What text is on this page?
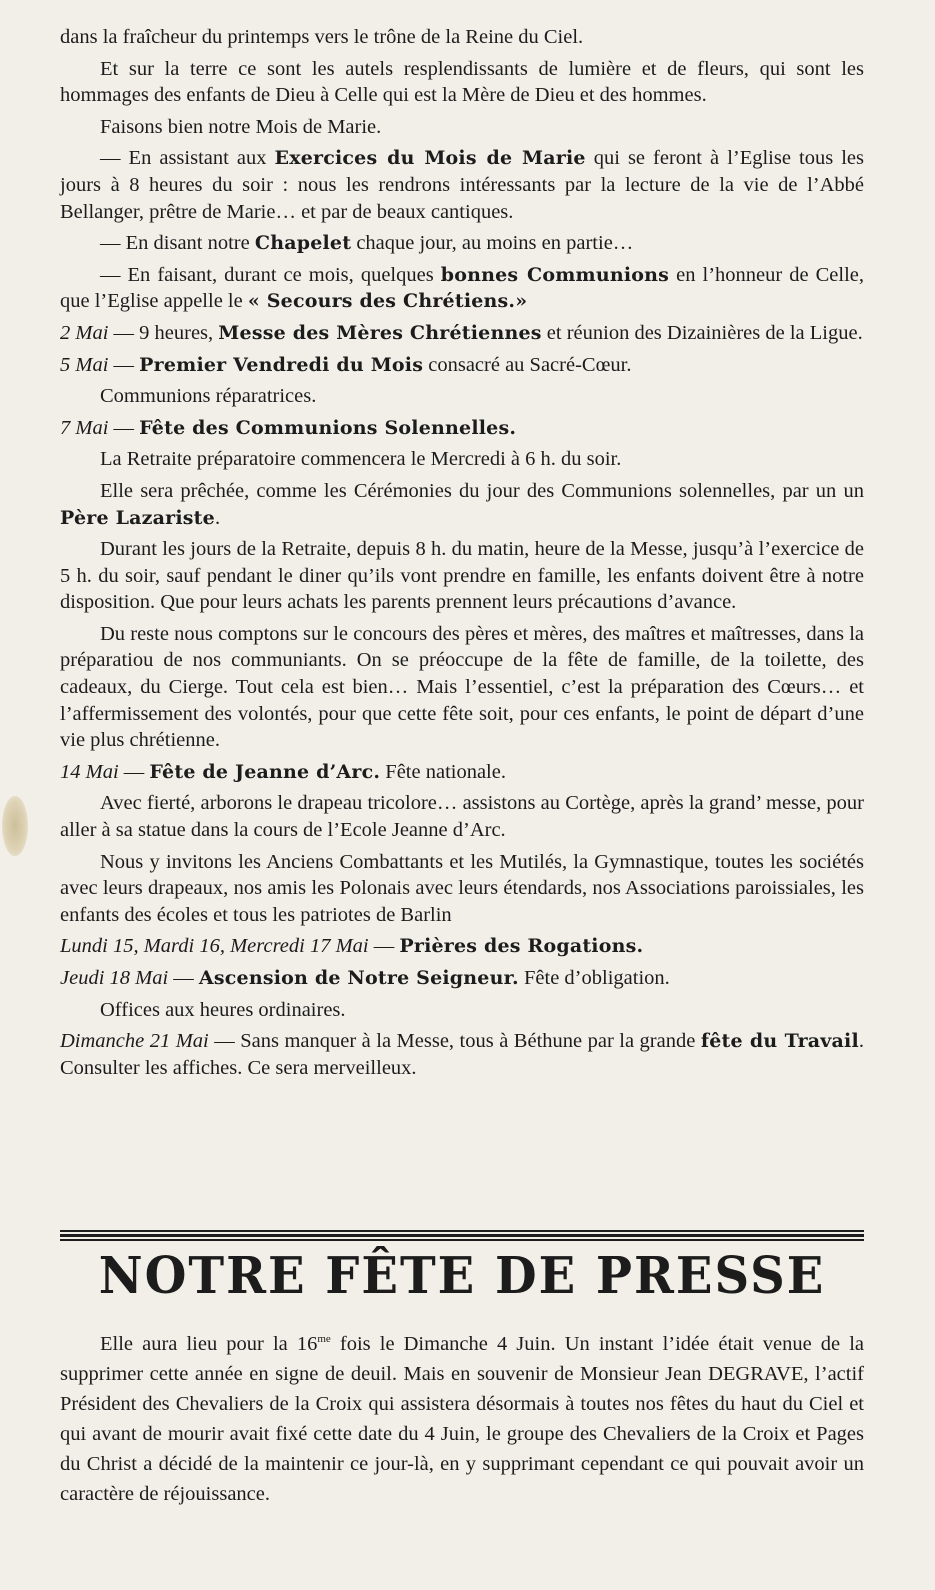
dans la fraîcheur du printemps vers le trône de la Reine du Ciel.

Et sur la terre ce sont les autels resplendissants de lumière et de fleurs, qui sont les hommages des enfants de Dieu à Celle qui est la Mère de Dieu et des hommes.

Faisons bien notre Mois de Marie.

— En assistant aux Exercices du Mois de Marie qui se feront à l’Eglise tous les jours à 8 heures du soir : nous les rendrons intéressants par la lecture de la vie de l’Abbé Bellanger, prêtre de Marie… et par de beaux cantiques.

— En disant notre Chapelet chaque jour, au moins en partie…

— En faisant, durant ce mois, quelques bonnes Communions en l’honneur de Celle, que l’Eglise appelle le « Secours des Chrétiens.»

2 Mai — 9 heures, Messe des Mères Chrétiennes et réunion des Dizainières de la Ligue.

5 Mai — Premier Vendredi du Mois consacré au Sacré-Cœur.

Communions réparatrices.

7 Mai — Fête des Communions Solennelles.

La Retraite préparatoire commencera le Mercredi à 6 h. du soir.

Elle sera prêchée, comme les Cérémonies du jour des Communions solennelles, par un un Père Lazariste.

Durant les jours de la Retraite, depuis 8 h. du matin, heure de la Messe, jusqu’à l’exercice de 5 h. du soir, sauf pendant le diner qu’ils vont prendre en famille, les enfants doivent être à notre disposition. Que pour leurs achats les parents prennent leurs précautions d’avance.

Du reste nous comptons sur le concours des pères et mères, des maîtres et maîtresses, dans la préparatiou de nos communiants. On se préoccupe de la fête de famille, de la toilette, des cadeaux, du Cierge. Tout cela est bien… Mais l’essentiel, c’est la préparation des Cœurs… et l’affermissement des volontés, pour que cette fête soit, pour ces enfants, le point de départ d’une vie plus chrétienne.

14 Mai — Fête de Jeanne d’Arc. Fête nationale.

Avec fierté, arborons le drapeau tricolore… assistons au Cortège, après la grand’ messe, pour aller à sa statue dans la cours de l’Ecole Jeanne d’Arc.

Nous y invitons les Anciens Combattants et les Mutilés, la Gymnastique, toutes les sociétés avec leurs drapeaux, nos amis les Polonais avec leurs étendards, nos Associations paroissiales, les enfants des écoles et tous les patriotes de Barlin

Lundi 15, Mardi 16, Mercredi 17 Mai — Prières des Rogations.

Jeudi 18 Mai — Ascension de Notre Seigneur. Fête d’obligation.

Offices aux heures ordinaires.

Dimanche 21 Mai — Sans manquer à la Messe, tous à Béthune par la grande fête du Travail. Consulter les affiches. Ce sera merveilleux.

NOTRE FÊTE DE PRESSE

Elle aura lieu pour la $16^{me}$ fois le Dimanche 4 Juin. Un instant l’idée était venue de la supprimer cette année en signe de deuil. Mais en souvenir de Monsieur Jean DEGRAVE, l’actif Président des Chevaliers de la Croix qui assistera désormais à toutes nos fêtes du haut du Ciel et qui avant de mourir avait fixé cette date du 4 Juin, le groupe des Chevaliers de la Croix et Pages du Christ a décidé de la maintenir ce jour-là, en y supprimant cependant ce qui pouvait avoir un caractère de réjouissance.
